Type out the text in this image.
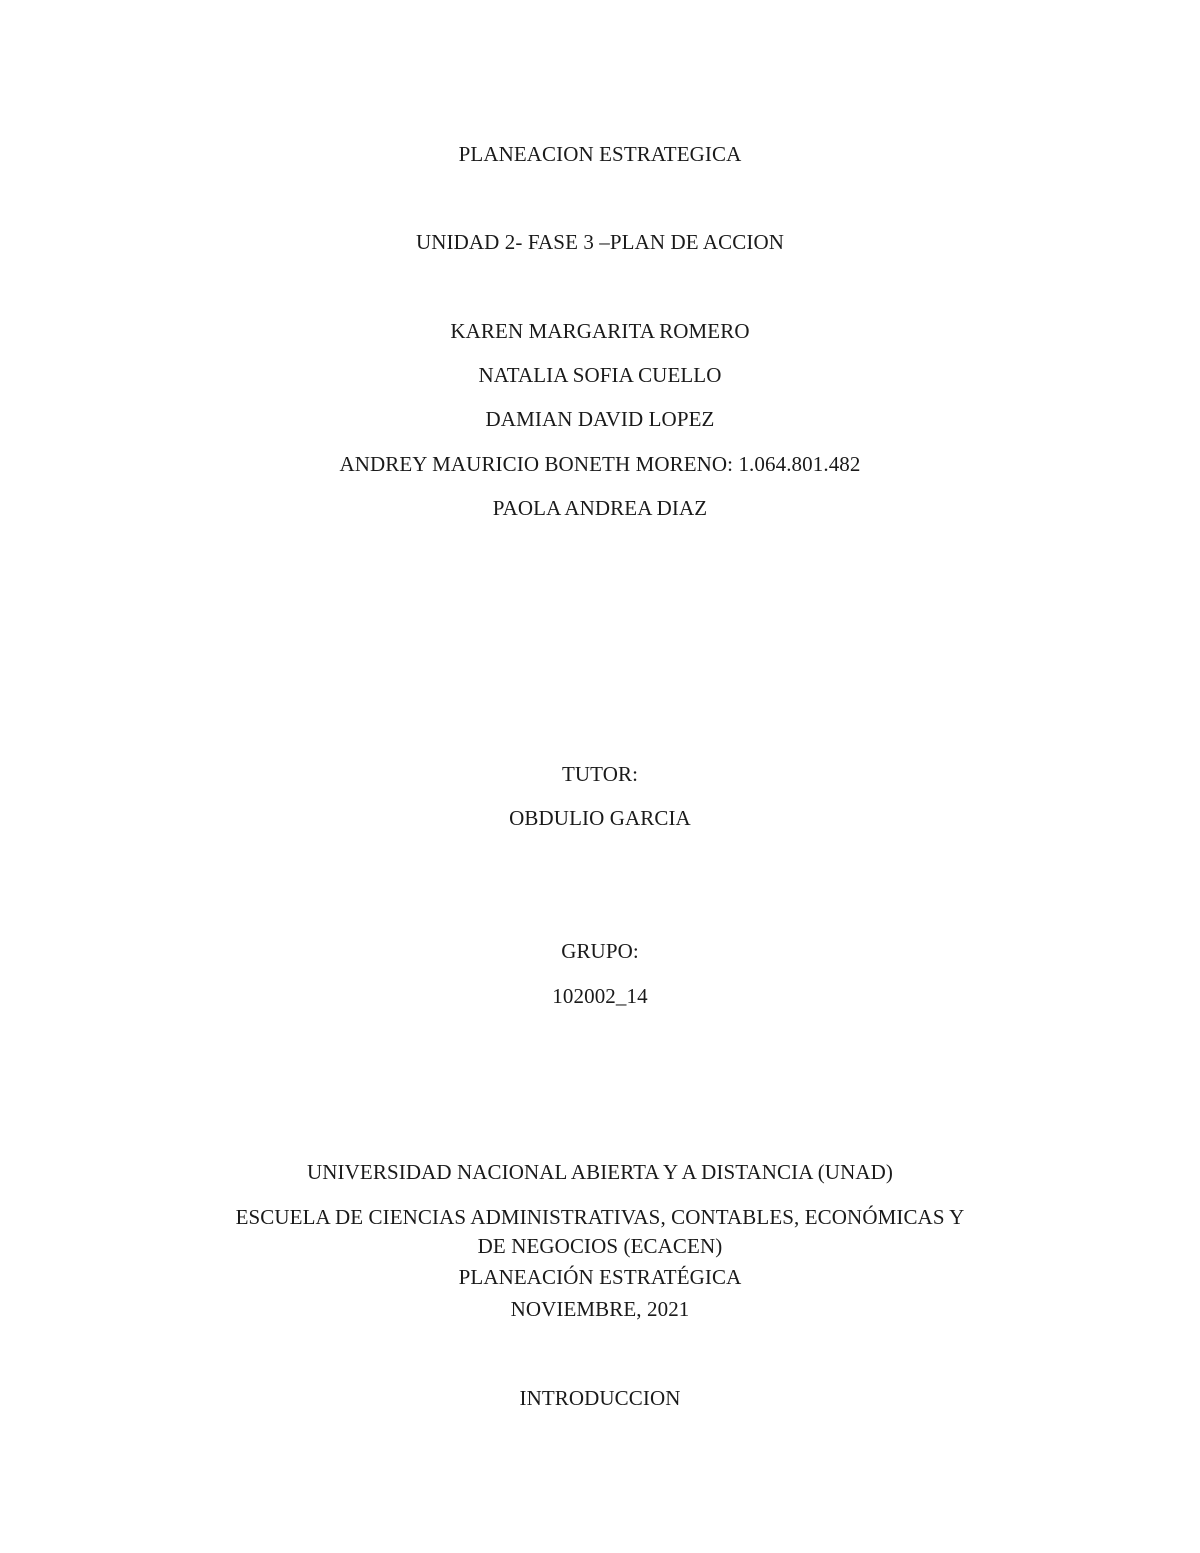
PLANEACION ESTRATEGICA
UNIDAD 2- FASE 3 –PLAN DE ACCION
KAREN MARGARITA ROMERO
NATALIA SOFIA CUELLO
DAMIAN DAVID LOPEZ
ANDREY MAURICIO BONETH MORENO: 1.064.801.482
PAOLA ANDREA DIAZ
TUTOR:
OBDULIO GARCIA
GRUPO:
102002_14
UNIVERSIDAD NACIONAL ABIERTA Y A DISTANCIA (UNAD)
ESCUELA DE CIENCIAS ADMINISTRATIVAS, CONTABLES, ECONÓMICAS Y
DE NEGOCIOS (ECACEN)
PLANEACIÓN ESTRATÉGICA
NOVIEMBRE, 2021
INTRODUCCION
